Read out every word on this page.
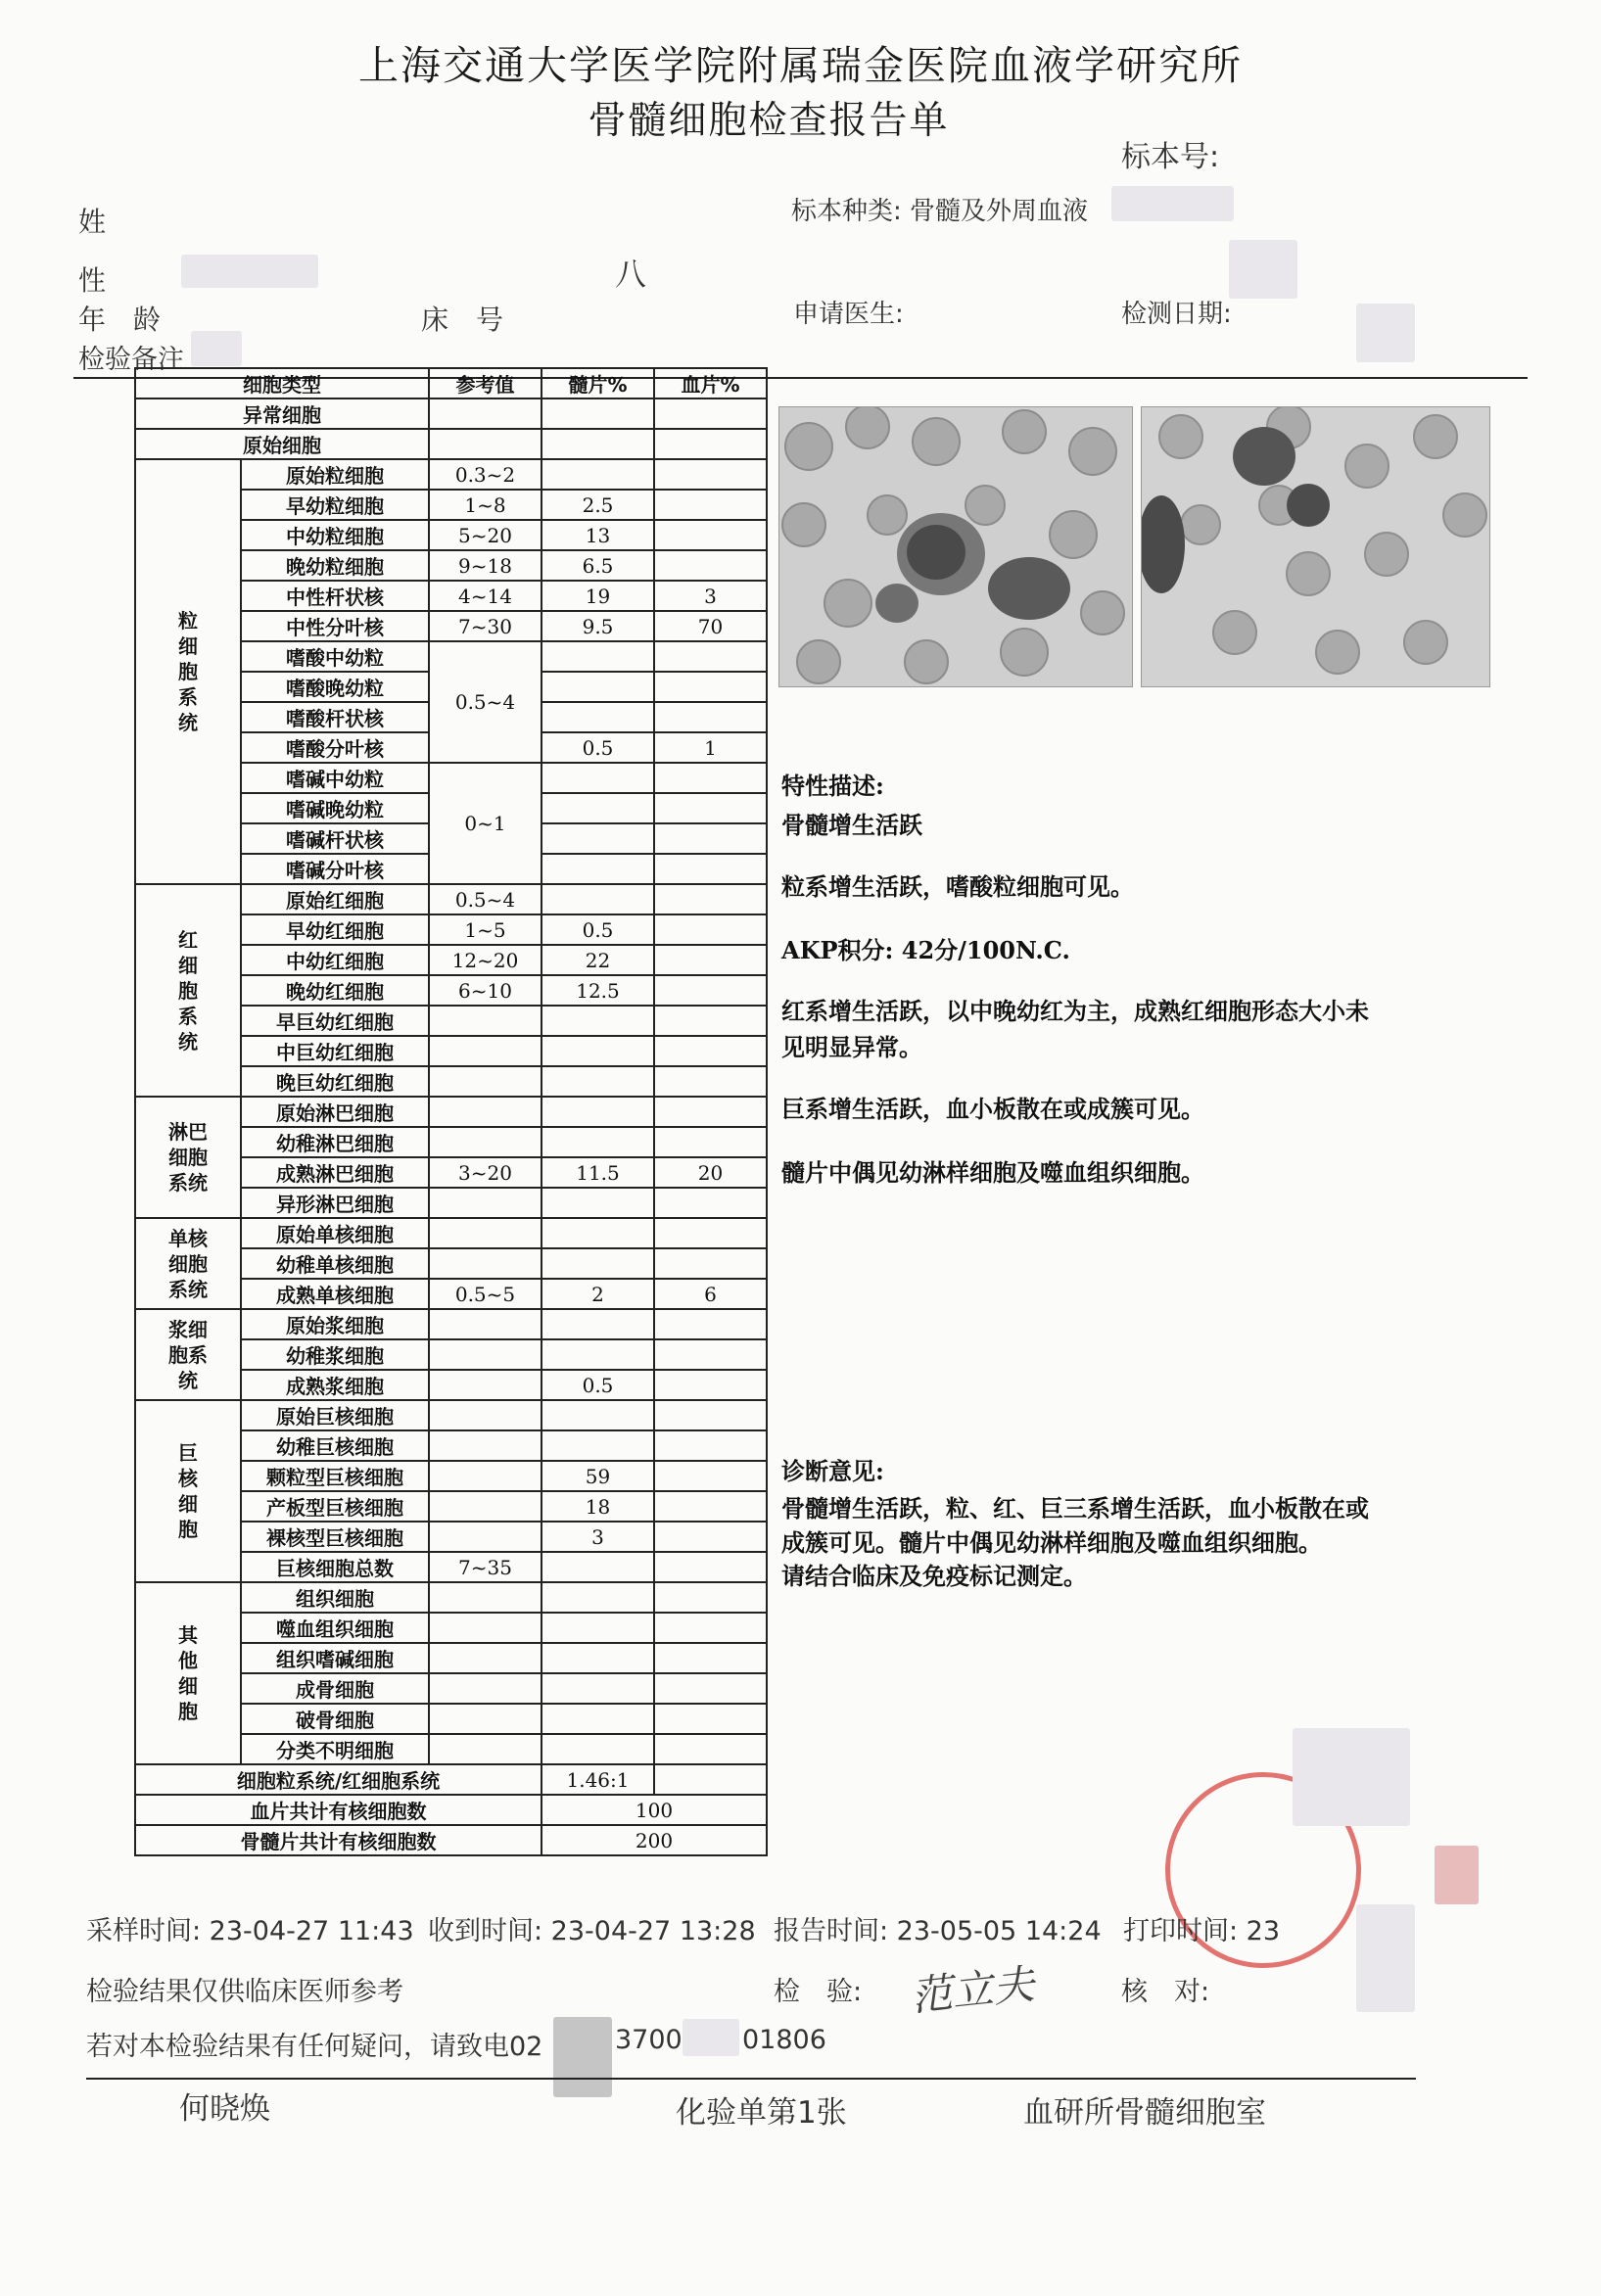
上海交通大学医学院附属瑞金医院血液学研究所
骨髓细胞检查报告单
标本号:
标本种类: 骨髓及外周血液
姓
性	八
年　龄	床　号	申请医生:	检测日期:
检验备注
细胞类型		参考值	髓片%	血片%
异常细胞				
原始细胞				

粒细胞系统	原始粒细胞	0.3~2		
	早幼粒细胞	1~8	2.5	
	中幼粒细胞	5~20	13	
	晚幼粒细胞	9~18	6.5	
	中性杆状核	4~14	19	3
	中性分叶核	7~30	9.5	70
	嗜酸中幼粒	0.5~4		
	嗜酸晚幼粒			
	嗜酸杆状核			
	嗜酸分叶核		0.5	1
	嗜碱中幼粒	0~1		
	嗜碱晚幼粒			
	嗜碱杆状核			
	嗜碱分叶核			

红细胞系统	原始红细胞	0.5~4		
	早幼红细胞	1~5	0.5	
	中幼红细胞	12~20	22	
	晚幼红细胞	6~10	12.5	
	早巨幼红细胞			
	中巨幼红细胞			
	晚巨幼红细胞			

淋巴细胞系统	原始淋巴细胞			
	幼稚淋巴细胞			
	成熟淋巴细胞	3~20	11.5	20
	异形淋巴细胞			

单核细胞系统	原始单核细胞			
	幼稚单核细胞			
	成熟单核细胞	0.5~5	2	6

浆细胞系统	原始浆细胞			
	幼稚浆细胞			
	成熟浆细胞		0.5	

巨核细胞	原始巨核细胞			
	幼稚巨核细胞			
	颗粒型巨核细胞		59	
	产板型巨核细胞		18	
	裸核型巨核细胞		3	
	巨核细胞总数	7~35		

其他细胞	组织细胞			
	噬血组织细胞			
	组织嗜碱细胞			
	成骨细胞			
	破骨细胞			
	分类不明细胞			
细胞粒系统/红细胞系统			1.46:1	
血片共计有核细胞数			100	
骨髓片共计有核细胞数			200	
特性描述:
骨髓增生活跃
粒系增生活跃，嗜酸粒细胞可见。
AKP积分: 42分/100N.C.
红系增生活跃，以中晚幼红为主，成熟红细胞形态大小未
见明显异常。
巨系增生活跃，血小板散在或成簇可见。
髓片中偶见幼淋样细胞及噬血组织细胞。
诊断意见:
骨髓增生活跃，粒、红、巨三系增生活跃，血小板散在或
成簇可见。髓片中偶见幼淋样细胞及噬血组织细胞。
请结合临床及免疫标记测定。
采样时间: 23-04-27 11:43 收到时间: 23-04-27 13:28 报告时间: 23-05-05 14:24 打印时间: 23
检验结果仅供临床医师参考	检　验: 范立夫	核　对:
若对本检验结果有任何疑问，请致电02	3700 01806
何晓焕	化验单第1张	血研所骨髓细胞室
